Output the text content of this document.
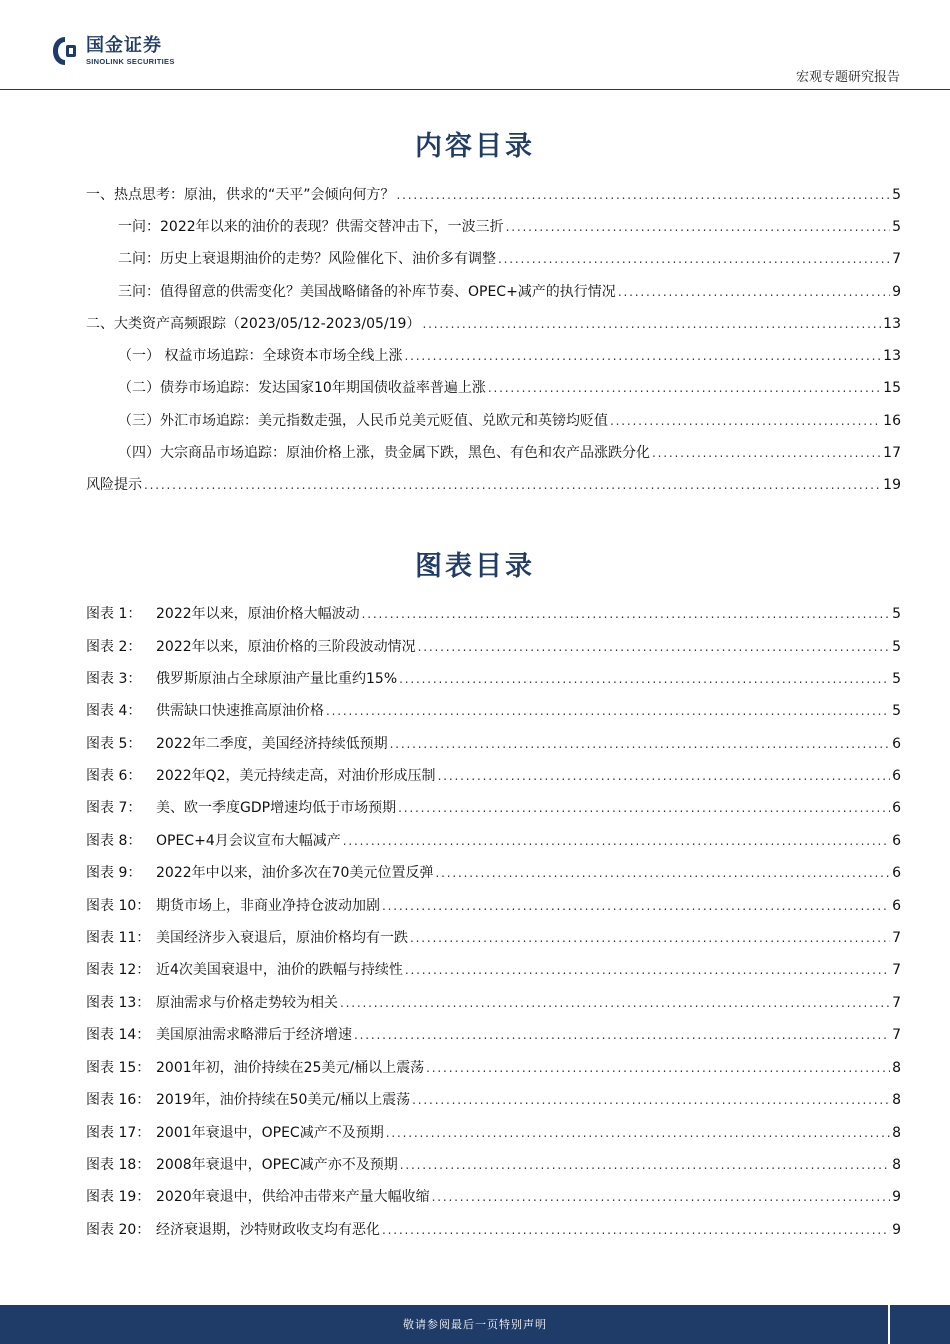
国金证券
SINOLINK SECURITIES
宏观专题研究报告
内容目录
一、热点思考：原油，供求的“天平”会倾向何方？ . . .	5
一问：2022年以来的油价的表现？供需交替冲击下，一波三折 . . .	5
二问：历史上衰退期油价的走势？风险催化下、油价多有调整 . . .	7
三问：值得留意的供需变化？美国战略储备的补库节奏、OPEC+减产的执行情况 . . .	9
二、大类资产高频跟踪（2023/05/12-2023/05/19） . . .	13
（一） 权益市场追踪：全球资本市场全线上涨 . . .	13
（二）债券市场追踪：发达国家10年期国债收益率普遍上涨 . . .	15
（三）外汇市场追踪：美元指数走强，人民币兑美元贬值、兑欧元和英镑均贬值 . . .	16
（四）大宗商品市场追踪：原油价格上涨，贵金属下跌，黑色、有色和农产品涨跌分化 . . .	17
风险提示 . . .	19
图表目录
图表 1： 2022年以来，原油价格大幅波动 . . .	5
图表 2： 2022年以来，原油价格的三阶段波动情况 . . .	5
图表 3： 俄罗斯原油占全球原油产量比重约15% . . .	5
图表 4： 供需缺口快速推高原油价格 . . .	5
图表 5： 2022年二季度，美国经济持续低预期 . . .	6
图表 6： 2022年Q2，美元持续走高，对油价形成压制 . . .	6
图表 7： 美、欧一季度GDP增速均低于市场预期 . . .	6
图表 8： OPEC+4月会议宣布大幅减产 . . .	6
图表 9： 2022年中以来，油价多次在70美元位置反弹 . . .	6
图表 10： 期货市场上，非商业净持仓波动加剧 . . .	6
图表 11： 美国经济步入衰退后，原油价格均有一跌 . . .	7
图表 12： 近4次美国衰退中，油价的跌幅与持续性 . . .	7
图表 13： 原油需求与价格走势较为相关 . . .	7
图表 14： 美国原油需求略滞后于经济增速 . . .	7
图表 15： 2001年初，油价持续在25美元/桶以上震荡 . . .	8
图表 16： 2019年，油价持续在50美元/桶以上震荡 . . .	8
图表 17： 2001年衰退中，OPEC减产不及预期 . . .	8
图表 18： 2008年衰退中，OPEC减产亦不及预期 . . .	8
图表 19： 2020年衰退中，供给冲击带来产量大幅收缩 . . .	9
图表 20： 经济衰退期，沙特财政收支均有恶化 . . .	9
敬请参阅最后一页特别声明
